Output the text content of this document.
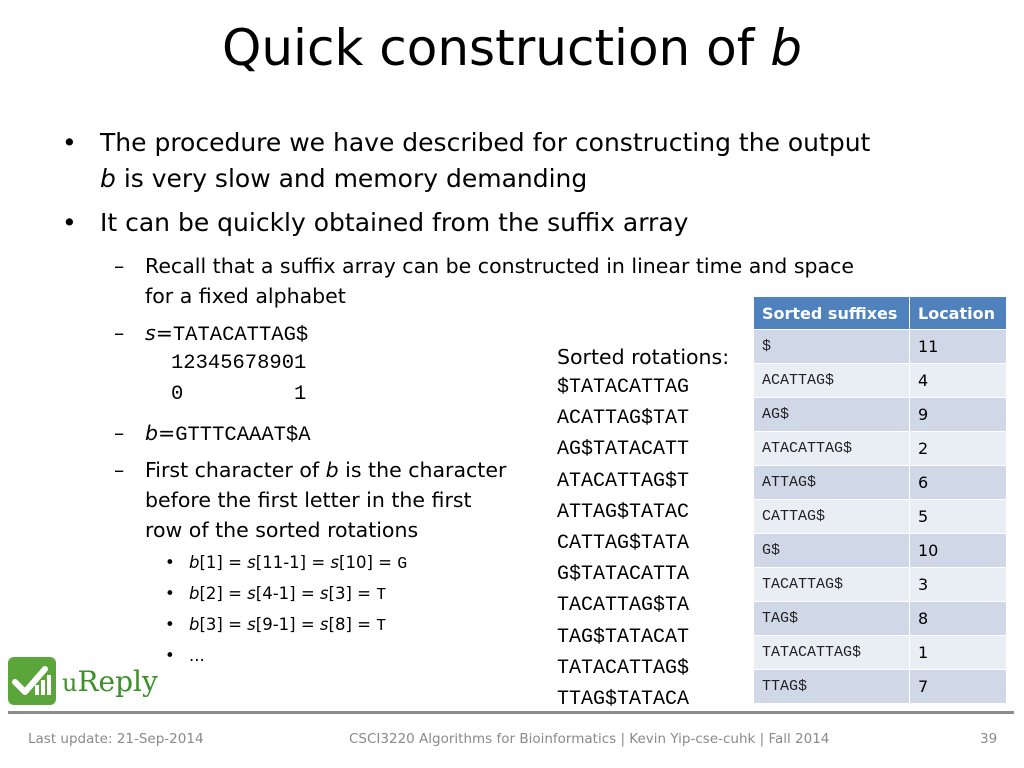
Quick construction of b
• The procedure we have described for constructing the output
b is very slow and memory demanding
• It can be quickly obtained from the suffix array
– Recall that a suffix array can be constructed in linear time and space
for a fixed alphabet
– s=TATACATTAG$
12345678901
0         1
– b=GTTTCAAAT$A
– First character of b is the character
before the first letter in the first
row of the sorted rotations
• b[1] = s[11-1] = s[10] = G
• b[2] = s[4-1] = s[3] = T
• b[3] = s[9-1] = s[8] = T
• ...
Sorted rotations:
$TATACATTAG
ACATTAG$TAT
AG$TATACATT
ATACATTAG$T
ATTAG$TATAC
CATTAG$TATA
G$TATACATTA
TACATTAG$TA
TAG$TATACAT
TATACATTAG$
TTAG$TATACA
Sorted suffixes	Location
$	11
ACATTAG$	4
AG$	9
ATACATTAG$	2
ATTAG$	6
CATTAG$	5
G$	10
TACATTAG$	3
TAG$	8
TATACATTAG$	1
TTAG$	7
uReply
Last update: 21-Sep-2014	CSCI3220 Algorithms for Bioinformatics | Kevin Yip-cse-cuhk | Fall 2014	39
